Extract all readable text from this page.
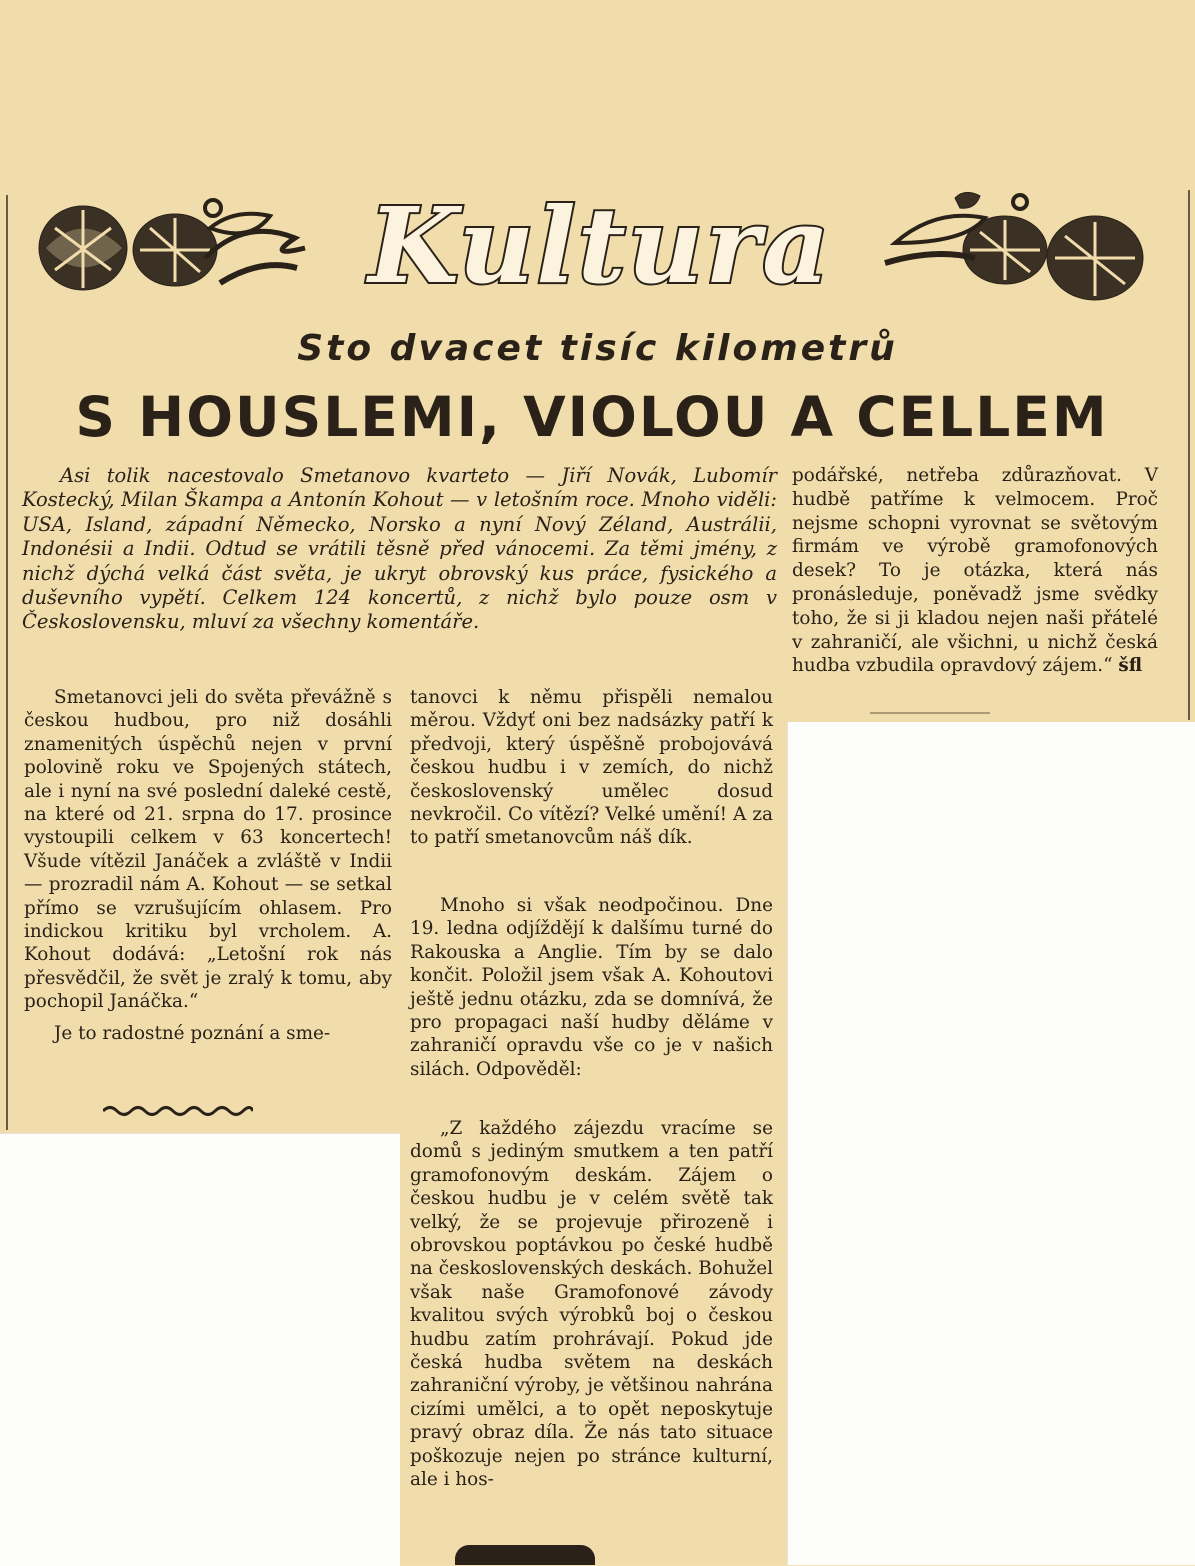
Kultura
Sto dvacet tisíc kilometrů
S HOUSLEMI, VIOLOU A CELLEM

Asi tolik nacestovalo Smetanovo kvarteto — Jiří Novák, Lubomír Kostecký, Milan Škampa a Antonín Kohout — v letošním roce. Mnoho viděli: USA, Island, západní Německo, Norsko a nyní Nový Zéland, Austrálii, Indonésii a Indii. Odtud se vrátili těsně před vánocemi. Za těmi jmény, z nichž dýchá velká část světa, je ukryt obrovský kus práce, fysického a duševního vypětí. Celkem 124 koncertů, z nichž bylo pouze osm v Československu, mluví za všechny komentáře.

Smetanovci jeli do světa převážně s českou hudbou, pro niž dosáhli znamenitých úspěchů nejen v první polovině roku ve Spojených státech, ale i nyní na své poslední daleké cestě, na které od 21. srpna do 17. prosince vystoupili celkem v 63 koncertech! Všude vítězil Janáček a zvláště v Indii — prozradil nám A. Kohout — se setkal přímo se vzrušujícím ohlasem. Pro indickou kritiku byl vrcholem. A. Kohout dodává: „Letošní rok nás přesvědčil, že svět je zralý k tomu, aby pochopil Janáčka.“

Je to radostné poznání a sme-

tanovci k němu přispěli nemalou měrou. Vždyť oni bez nadsázky patří k předvoji, který úspěšně probojovává českou hudbu i v zemích, do nichž československý umělec dosud nevkročil. Co vítězí? Velké umění! A za to patří smetanovcům náš dík.

Mnoho si však neodpočinou. Dne 19. ledna odjíždějí k dalšímu turné do Rakouska a Anglie. Tím by se dalo končit. Položil jsem však A. Kohoutovi ještě jednu otázku, zda se domnívá, že pro propagaci naší hudby děláme v zahraničí opravdu vše co je v našich silách. Odpověděl:

„Z každého zájezdu vracíme se domů s jediným smutkem a ten patří gramofonovým deskám. Zájem o českou hudbu je v celém světě tak velký, že se projevuje přirozeně i obrovskou poptávkou po české hudbě na československých deskách. Bohužel však naše Gramofonové závody kvalitou svých výrobků boj o českou hudbu zatím prohrávají. Pokud jde česká hudba světem na deskách zahraniční výroby, je většinou nahrána cizími umělci, a to opět neposkytuje pravý obraz díla. Že nás tato situace poškozuje nejen po stránce kulturní, ale i hos-

podářské, netřeba zdůrazňovat. V hudbě patříme k velmocem. Proč nejsme schopni vyrovnat se světovým firmám ve výrobě gramofonových desek? To je otázka, která nás pronásleduje, poněvadž jsme svědky toho, že si ji kladou nejen naši přátelé v zahraničí, ale všichni, u nichž česká hudba vzbudila opravdový zájem.“ šfl
